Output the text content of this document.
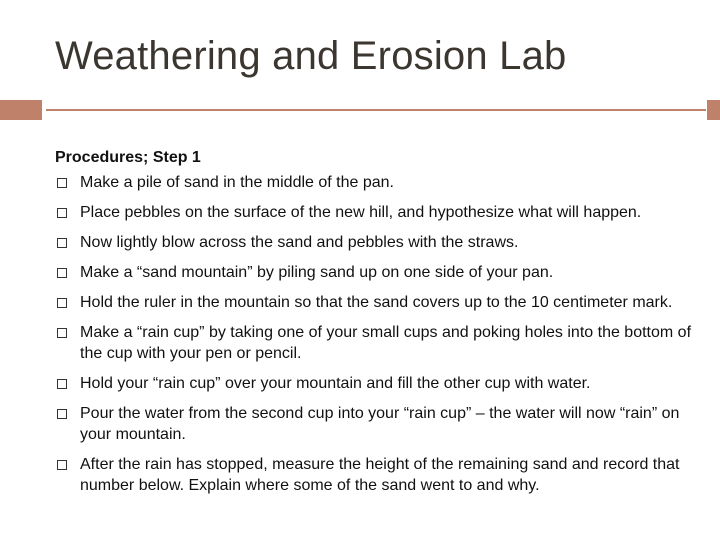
Weathering and Erosion Lab
Procedures; Step 1
Make a pile of sand in the middle of the pan.
Place pebbles on the surface of the new hill, and hypothesize what will happen.
Now lightly blow across the sand and pebbles with the straws.
Make a “sand mountain” by piling sand up on one side of your pan.
Hold the ruler in the mountain so that the sand covers up to the 10 centimeter mark.
Make a “rain cup” by taking one of your small cups and poking holes into the bottom of the cup with your pen or pencil.
Hold your “rain cup” over your mountain and fill the other cup with water.
Pour the water from the second cup into your “rain cup” – the water will now “rain” on your mountain.
After the rain has stopped, measure the height of the remaining sand and record that number below. Explain where some of the sand went to and why.
